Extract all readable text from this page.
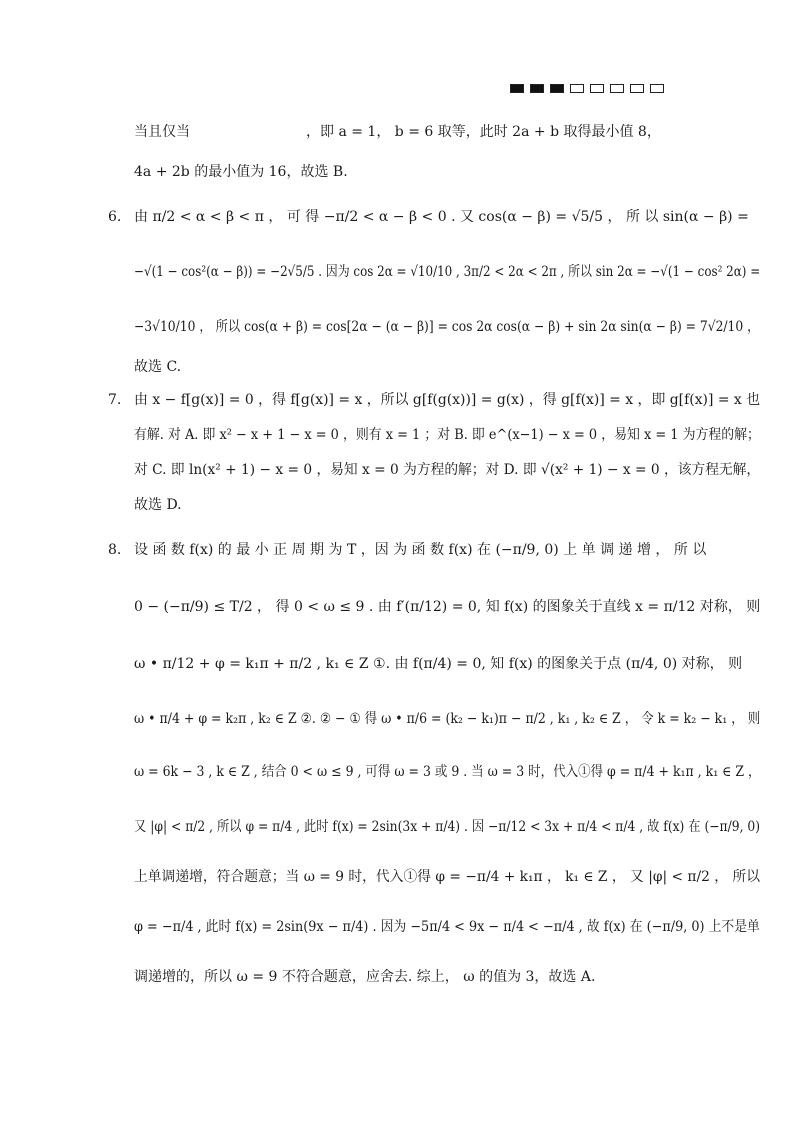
当且仅当	，即 a = 1， b = 6 取等，此时 2a + b 取得最小值 8，
4a + 2b 的最小值为 16，故选 B.
6. 由 π/2 < α < β < π ， 可 得 −π/2 < α − β < 0 . 又 cos(α − β) = √5/5 ， 所 以 sin(α − β) =
−√(1 − cos²(α − β)) = −2√5/5 . 因为 cos 2α = √10/10 , 3π/2 < 2α < 2π , 所以 sin 2α = −√(1 − cos² 2α) =
−3√10/10 ， 所以 cos(α + β) = cos[2α − (α − β)] = cos 2α cos(α − β) + sin 2α sin(α − β) = 7√2/10 ，
故选 C.
7. 由 x − f[g(x)] = 0 ，得 f[g(x)] = x ，所以 g[f(g(x))] = g(x) ，得 g[f(x)] = x ，即 g[f(x)] = x 也
有解. 对 A. 即 x² − x + 1 − x = 0 ，则有 x = 1 ；对 B. 即 e^(x−1) − x = 0 ，易知 x = 1 为方程的解；
对 C. 即 ln(x² + 1) − x = 0 ，易知 x = 0 为方程的解；对 D. 即 √(x² + 1) − x = 0 ，该方程无解，
故选 D.
8. 设 函 数 f(x) 的 最 小 正 周 期 为 T ，因 为 函 数 f(x) 在 (−π/9, 0) 上 单 调 递 增 ， 所 以
0 − (−π/9) ≤ T/2 ， 得 0 < ω ≤ 9 . 由 f′(π/12) = 0, 知 f(x) 的图象关于直线 x = π/12 对称， 则
ω • π/12 + φ = k₁π + π/2 , k₁ ∈ Z ①. 由 f(π/4) = 0, 知 f(x) 的图象关于点 (π/4, 0) 对称， 则
ω • π/4 + φ = k₂π , k₂ ∈ Z ②. ② − ① 得 ω • π/6 = (k₂ − k₁)π − π/2 , k₁ , k₂ ∈ Z ， 令 k = k₂ − k₁ ， 则
ω = 6k − 3 , k ∈ Z , 结合 0 < ω ≤ 9 , 可得 ω = 3 或 9 . 当 ω = 3 时，代入①得 φ = π/4 + k₁π , k₁ ∈ Z ，
又 |φ| < π/2 , 所以 φ = π/4 , 此时 f(x) = 2sin(3x + π/4) . 因 −π/12 < 3x + π/4 < π/4 , 故 f(x) 在 (−π/9, 0)
上单调递增，符合题意；当 ω = 9 时，代入①得 φ = −π/4 + k₁π ， k₁ ∈ Z ， 又 |φ| < π/2 ， 所以
φ = −π/4 , 此时 f(x) = 2sin(9x − π/4) . 因为 −5π/4 < 9x − π/4 < −π/4 , 故 f(x) 在 (−π/9, 0) 上不是单
调递增的，所以 ω = 9 不符合题意，应舍去. 综上， ω 的值为 3，故选 A.
